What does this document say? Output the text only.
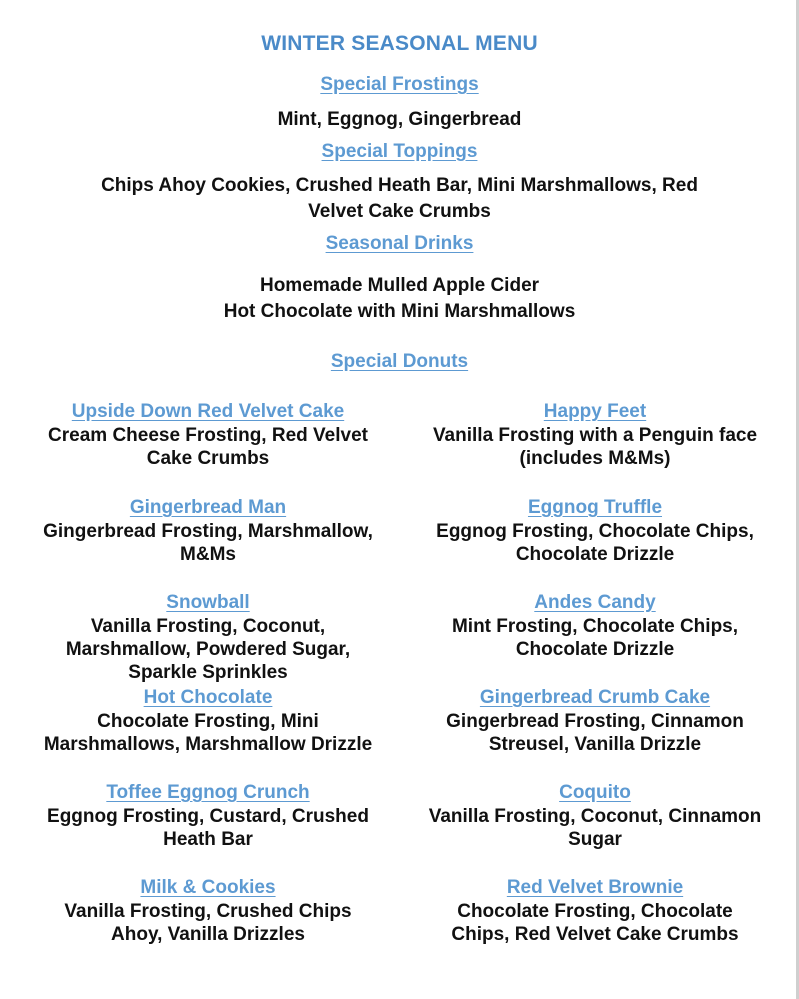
WINTER SEASONAL MENU

Special Frostings

Mint, Eggnog, Gingerbread

Special Toppings

Chips Ahoy Cookies, Crushed Heath Bar, Mini Marshmallows, Red

Velvet Cake Crumbs

Seasonal Drinks

Homemade Mulled Apple Cider

Hot Chocolate with Mini Marshmallows

Special Donuts

Upside Down Red Velvet Cake
Cream Cheese Frosting, Red Velvet
Cake Crumbs
Gingerbread Man
Gingerbread Frosting, Marshmallow,
M&Ms
Snowball
Vanilla Frosting, Coconut,
Marshmallow, Powdered Sugar,
Sparkle Sprinkles
Hot Chocolate
Chocolate Frosting, Mini
Marshmallows, Marshmallow Drizzle
Toffee Eggnog Crunch
Eggnog Frosting, Custard, Crushed
Heath Bar
Milk & Cookies
Vanilla Frosting, Crushed Chips
Ahoy, Vanilla Drizzles
Happy Feet
Vanilla Frosting with a Penguin face
(includes M&Ms)
Eggnog Truffle
Eggnog Frosting, Chocolate Chips,
Chocolate Drizzle
Andes Candy
Mint Frosting, Chocolate Chips,
Chocolate Drizzle
Gingerbread Crumb Cake
Gingerbread Frosting, Cinnamon
Streusel, Vanilla Drizzle
Coquito
Vanilla Frosting, Coconut, Cinnamon
Sugar
Red Velvet Brownie
Chocolate Frosting, Chocolate
Chips, Red Velvet Cake Crumbs
